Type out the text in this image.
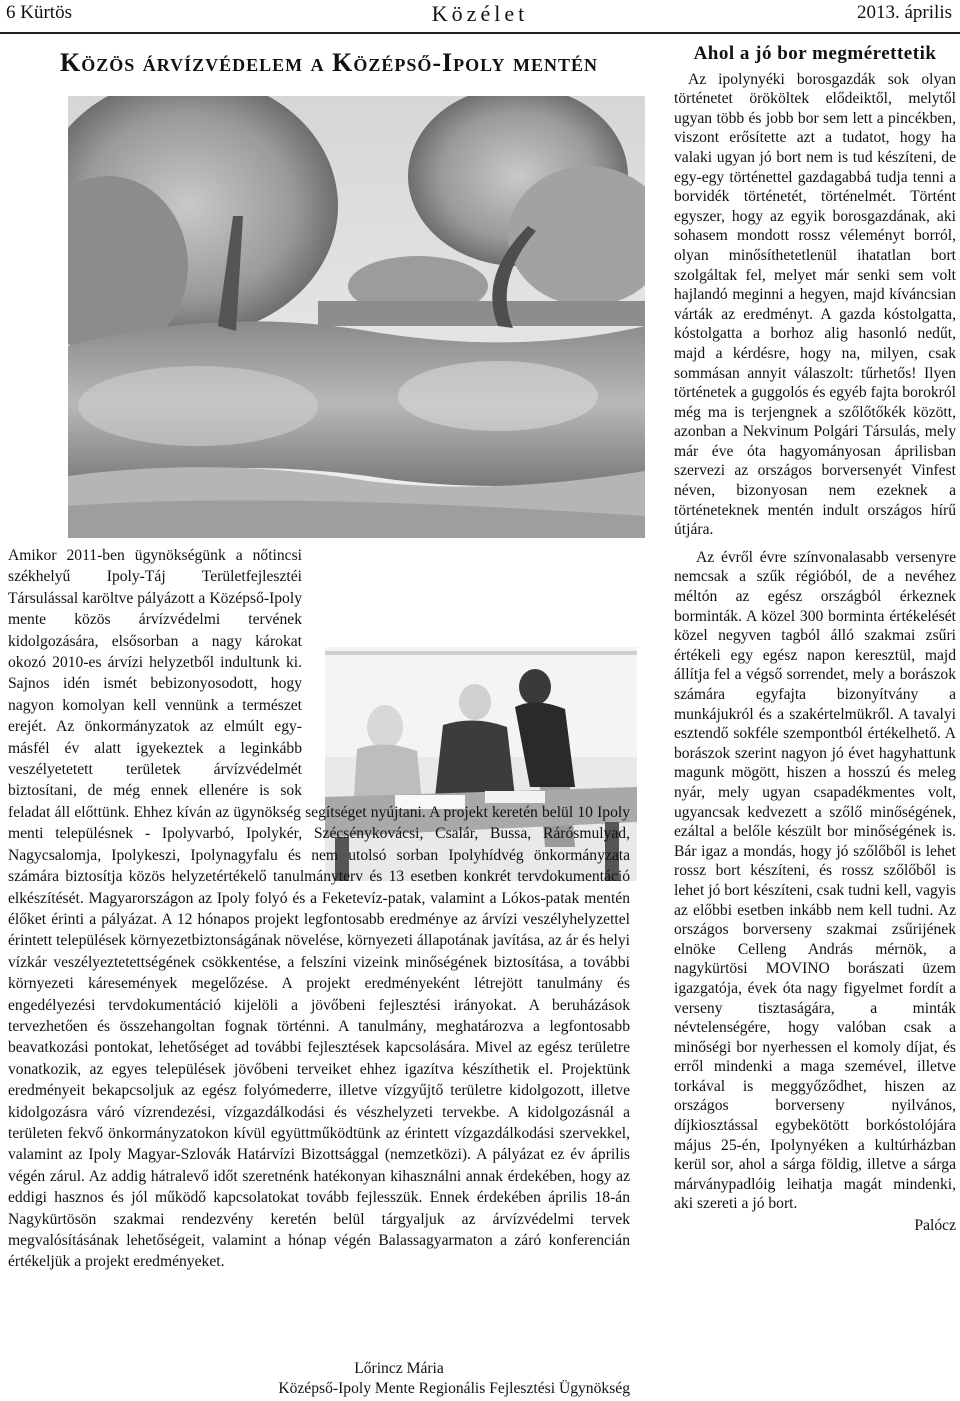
6 Kürtös	Közélet	2013. április
Közös árvízvédelem a Középső-Ipoly mentén

Amikor 2011-ben ügynökségünk a nőtincsi székhelyű Ipoly-Táj Területfejlesztéi Társulással karöltve pályázott a Középső-Ipoly mente közös árvízvédelmi tervének kidolgozására, elsősorban a nagy károkat okozó 2010-es árvízi helyzetből indultunk ki. Sajnos idén ismét bebizonyosodott, hogy nagyon komolyan kell vennünk a természet erejét. Az önkormányzatok az elmúlt egy-másfél év alatt igyekeztek a leginkább veszélyetetett területek árvízvédelmét biztosítani, de még ennek ellenére is sok feladat áll előttünk. Ehhez kíván az ügynökség segítséget nyújtani. A projekt keretén belül 10 Ipoly menti településnek - Ipolyvarbó, Ipolykér, Szécsénykovácsi, Csalár, Bussa, Rárósmulyad, Nagycsalomja, Ipolykeszi, Ipolynagyfalu és nem utolsó sorban Ipolyhídvég önkormányzata számára biztosítja közös helyzetértékelő tanulmányterv és 13 esetben konkrét tervdokumentáció elkészítését. Magyarországon az Ipoly folyó és a Feketevíz-patak, valamint a Lókos-patak mentén élőket érinti a pályázat. A 12 hónapos projekt legfontosabb eredménye az árvízi veszélyhelyzettel érintett települések környezetbiztonságának növelése, környezeti állapotának javítása, az ár és helyi vízkár veszélyeztetettségének csökkentése, a felszíni vizeink minőségének biztosítása, a további környezeti káresemények megelőzése. A projekt eredményeként létrejött tanulmány és engedélyezési tervdokumentáció kijelöli a jövőbeni fejlesztési irányokat. A beruházások tervezhetően és összehangoltan fognak történni. A tanulmány, meghatározva a legfontosabb beavatkozási pontokat, lehetőséget ad további fejlesztések kapcsolására. Mivel az egész területre vonatkozik, az egyes települések jövőbeni terveiket ehhez igazítva készíthetik el. Projektünk eredményeit bekapcsoljuk az egész folyómederre, illetve vízgyűjtő területre kidolgozott, illetve kidolgozásra váró vízrendezési, vízgazdálkodási és vészhelyzeti tervekbe. A kidolgozásnál a területen fekvő önkormányzatokon kívül együttműködtünk az érintett vízgazdálkodási szervekkel, valamint az Ipoly Magyar-Szlovák Határvízi Bizottsággal (nemzetközi). A pályázat ez év április végén zárul. Az addig hátralevő időt szeretnénk hatékonyan kihasználni annak érdekében, hogy az eddigi hasznos és jól működő kapcsolatokat tovább fejlesszük. Ennek érdekében április 18-án Nagykürtösön szakmai rendezvény keretén belül tárgyaljuk az árvízvédelmi tervek megvalósításának lehetőségeit, valamint a hónap végén Balassagyarmaton a záró konferencián értékeljük a projekt eredményeket.

Lőrincz Mária
Középső-Ipoly Mente Regionális Fejlesztési Ügynökség
Ahol a jó bor megmérettetik

Az ipolynyéki borosgazdák sok olyan történetet örököltek elődeiktől, melytől ugyan több és jobb bor sem lett a pincékben, viszont erősítette azt a tudatot, hogy ha valaki ugyan jó bort nem is tud készíteni, de egy-egy történettel gazdagabbá tudja tenni a borvidék történetét, történelmét. Történt egyszer, hogy az egyik borosgazdának, aki sohasem mondott rossz véleményt borról, olyan minősíthetetlenül ihatatlan bort szolgáltak fel, melyet már senki sem volt hajlandó meginni a hegyen, majd kíváncsian várták az eredményt. A gazda kóstolgatta, kóstolgatta a borhoz alig hasonló nedűt, majd a kérdésre, hogy na, milyen, csak sommásan annyit válaszolt: tűrhetős! Ilyen történetek a guggolós és egyéb fajta borokról még ma is terjengnek a szőlőtőkék között, azonban a Nekvinum Polgári Társulás, mely már éve óta hagyományosan áprilisban szervezi az országos borversenyét Vinfest néven, bizonyosan nem ezeknek a történeteknek mentén indult országos hírű útjára.

Az évről évre színvonalasabb versenyre nemcsak a szűk régióból, de a nevéhez méltón az egész országból érkeznek borminták. A közel 300 borminta értékelését közel negyven tagból álló szakmai zsűri értékeli egy egész napon keresztül, majd állítja fel a végső sorrendet, mely a borászok számára egyfajta bizonyítvány a munkájukról és a szakértelmükről. A tavalyi esztendő sokféle szempontból értékelhető. A borászok szerint nagyon jó évet hagyhattunk magunk mögött, hiszen a hosszú és meleg nyár, mely ugyan csapadékmentes volt, ugyancsak kedvezett a szőlő minőségének, ezáltal a belőle készült bor minőségének is. Bár igaz a mondás, hogy jó szőlőből is lehet rossz bort készíteni, és rossz szőlőből is lehet jó bort készíteni, csak tudni kell, vagyis az előbbi esetben inkább nem kell tudni. Az országos borverseny szakmai zsűrijének elnöke Celleng András mérnök, a nagykürtösi MOVINO borászati üzem igazgatója, évek óta nagy figyelmet fordít a verseny tisztaságára, a minták névtelenségére, hogy valóban csak a minőségi bor nyerhessen el komoly díjat, és erről mindenki a maga szemével, illetve torkával is meggyőződhet, hiszen az országos borverseny nyilvános, díjkiosztással egybekötött borkóstolójára május 25-én, Ipolynyéken a kultúrházban kerül sor, ahol a sárga földig, illetve a sárga márványpadlóig leihatja magát mindenki, aki szereti a jó bort.

Palócz
